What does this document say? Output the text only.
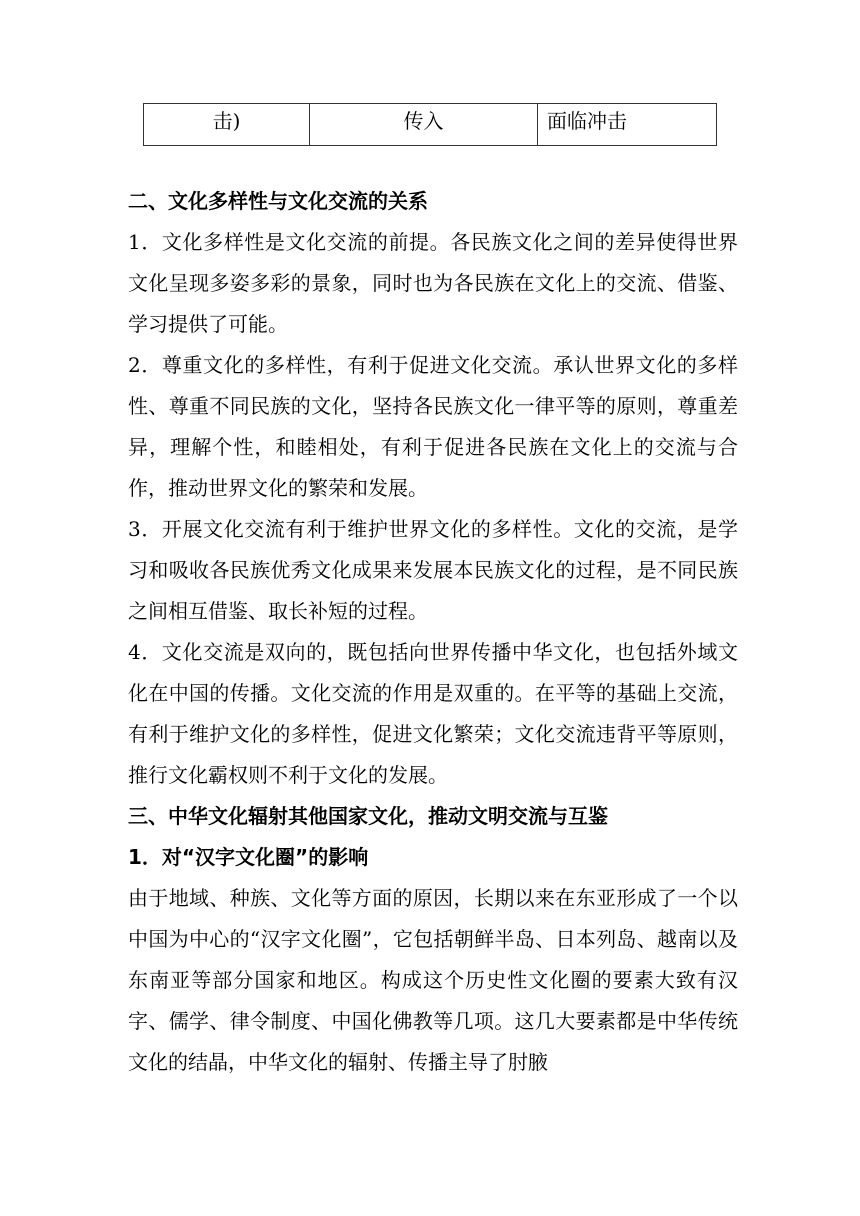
击)	传入	面临冲击

二、文化多样性与文化交流的关系

1．文化多样性是文化交流的前提。各民族文化之间的差异使得世界文化呈现多姿多彩的景象，同时也为各民族在文化上的交流、借鉴、学习提供了可能。

2．尊重文化的多样性，有利于促进文化交流。承认世界文化的多样性、尊重不同民族的文化，坚持各民族文化一律平等的原则，尊重差异，理解个性，和睦相处，有利于促进各民族在文化上的交流与合作，推动世界文化的繁荣和发展。

3．开展文化交流有利于维护世界文化的多样性。文化的交流，是学习和吸收各民族优秀文化成果来发展本民族文化的过程，是不同民族之间相互借鉴、取长补短的过程。

4．文化交流是双向的，既包括向世界传播中华文化，也包括外域文化在中国的传播。文化交流的作用是双重的。在平等的基础上交流，有利于维护文化的多样性，促进文化繁荣；文化交流违背平等原则，推行文化霸权则不利于文化的发展。

三、中华文化辐射其他国家文化，推动文明交流与互鉴

1．对“汉字文化圈”的影响

由于地域、种族、文化等方面的原因，长期以来在东亚形成了一个以中国为中心的“汉字文化圈”，它包括朝鲜半岛、日本列岛、越南以及东南亚等部分国家和地区。构成这个历史性文化圈的要素大致有汉字、儒学、律令制度、中国化佛教等几项。这几大要素都是中华传统文化的结晶，中华文化的辐射、传播主导了肘腋
